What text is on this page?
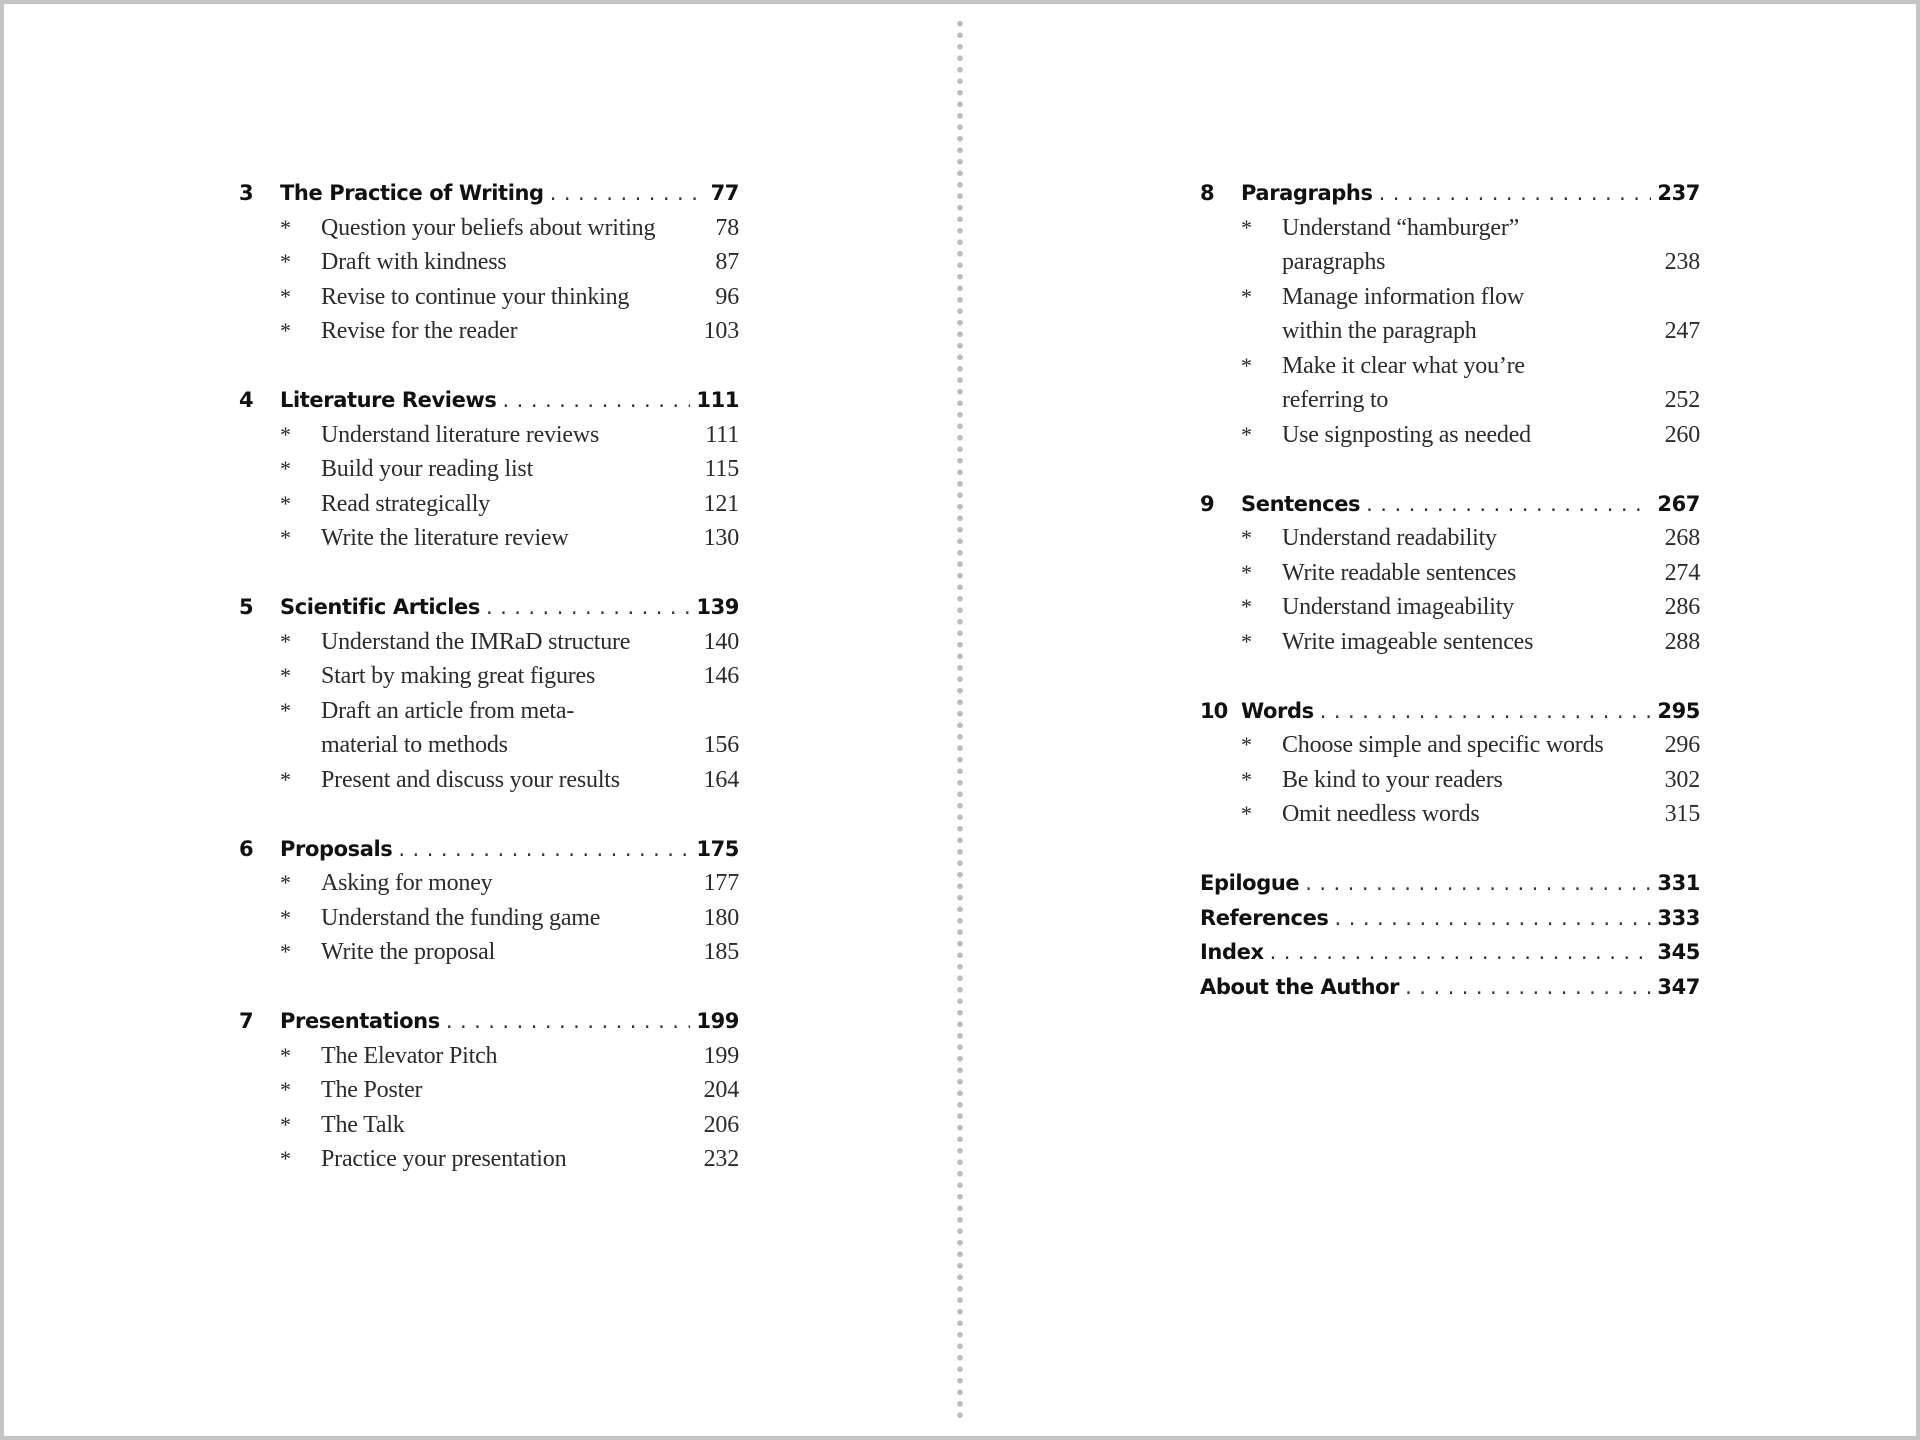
3	The Practice of Writing . . .	77
*	Question your beliefs about writing	78
*	Draft with kindness	87
*	Revise to continue your thinking	96
*	Revise for the reader	103
4	Literature Reviews . . .	111
*	Understand literature reviews	111
*	Build your reading list	115
*	Read strategically	121
*	Write the literature review	130
5	Scientific Articles . . .	139
*	Understand the IMRaD structure	140
*	Start by making great figures	146
*	Draft an article from meta-
material to methods	156
*	Present and discuss your results	164
6	Proposals . . .	175
*	Asking for money	177
*	Understand the funding game	180
*	Write the proposal	185
7	Presentations . . .	199
*	The Elevator Pitch	199
*	The Poster	204
*	The Talk	206
*	Practice your presentation	232
8	Paragraphs . . .	237
*	Understand “hamburger”
paragraphs	238
*	Manage information flow
within the paragraph	247
*	Make it clear what you’re
referring to	252
*	Use signposting as needed	260
9	Sentences . . .	267
*	Understand readability	268
*	Write readable sentences	274
*	Understand imageability	286
*	Write imageable sentences	288
10 Words . . .	295
*	Choose simple and specific words	296
*	Be kind to your readers	302
*	Omit needless words	315
Epilogue . . .	331
References . . .	333
Index . . .	345
About the Author . . .	347
